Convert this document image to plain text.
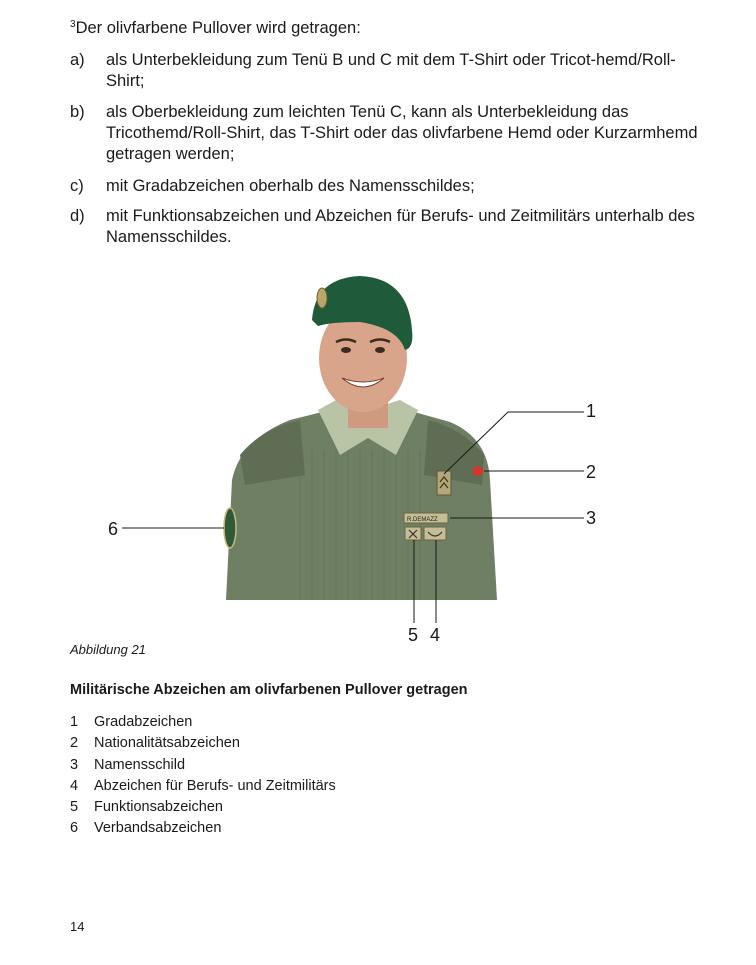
$^3$Der olivfarbene Pullover wird getragen:
a) als Unterbekleidung zum Tenü B und C mit dem T-Shirt oder Tricot-hemd/Roll-Shirt;
b) als Oberbekleidung zum leichten Tenü C, kann als Unterbekleidung das Tricothemd/Roll-Shirt, das T-Shirt oder das olivfarbene Hemd oder Kurzarmhemd getragen werden;
c) mit Gradabzeichen oberhalb des Namensschildes;
d) mit Funktionsabzeichen und Abzeichen für Berufs- und Zeitmilitärs unterhalb des Namensschildes.
R.DEMAZZ
1
2
3
4
5
6
Abbildung 21
Militärische Abzeichen am olivfarbenen Pullover getragen
1 Gradabzeichen
2 Nationalitätsabzeichen
3 Namensschild
4 Abzeichen für Berufs- und Zeitmilitärs
5 Funktionsabzeichen
6 Verbandsabzeichen
14
